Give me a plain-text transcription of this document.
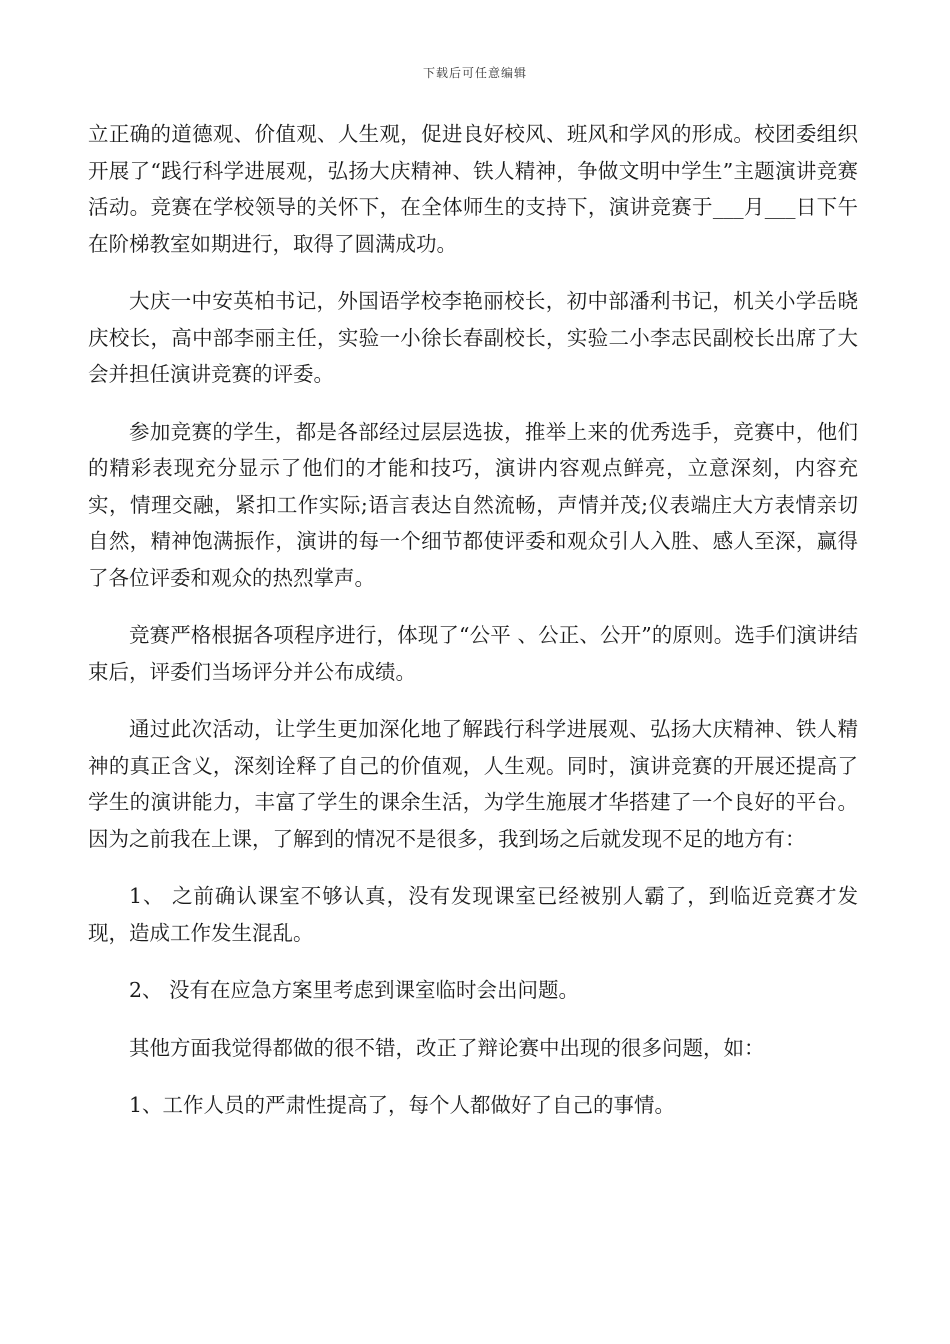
下载后可任意编辑

立正确的道德观、价值观、人生观，促进良好校风、班风和学风的形成。校团委组织开展了“践行科学进展观，弘扬大庆精神、铁人精神，争做文明中学生”主题演讲竞赛活动。竞赛在学校领导的关怀下，在全体师生的支持下，演讲竞赛于___月___日下午在阶梯教室如期进行，取得了圆满成功。

大庆一中安英柏书记，外国语学校李艳丽校长，初中部潘利书记，机关小学岳晓庆校长，高中部李丽主任，实验一小徐长春副校长，实验二小李志民副校长出席了大会并担任演讲竞赛的评委。

参加竞赛的学生，都是各部经过层层选拔，推举上来的优秀选手，竞赛中，他们的精彩表现充分显示了他们的才能和技巧，演讲内容观点鲜亮，立意深刻，内容充实，情理交融，紧扣工作实际;语言表达自然流畅，声情并茂;仪表端庄大方表情亲切自然，精神饱满振作，演讲的每一个细节都使评委和观众引人入胜、感人至深，赢得了各位评委和观众的热烈掌声。

竞赛严格根据各项程序进行，体现了“公平 、公正、公开”的原则。选手们演讲结束后，评委们当场评分并公布成绩。

通过此次活动，让学生更加深化地了解践行科学进展观、弘扬大庆精神、铁人精神的真正含义，深刻诠释了自己的价值观，人生观。同时，演讲竞赛的开展还提高了学生的演讲能力，丰富了学生的课余生活，为学生施展才华搭建了一个良好的平台。 因为之前我在上课，了解到的情况不是很多，我到场之后就发现不足的地方有：

1、 之前确认课室不够认真，没有发现课室已经被别人霸了，到临近竞赛才发现，造成工作发生混乱。

2、 没有在应急方案里考虑到课室临时会出问题。

其他方面我觉得都做的很不错，改正了辩论赛中出现的很多问题，如：

1、工作人员的严肃性提高了，每个人都做好了自己的事情。
